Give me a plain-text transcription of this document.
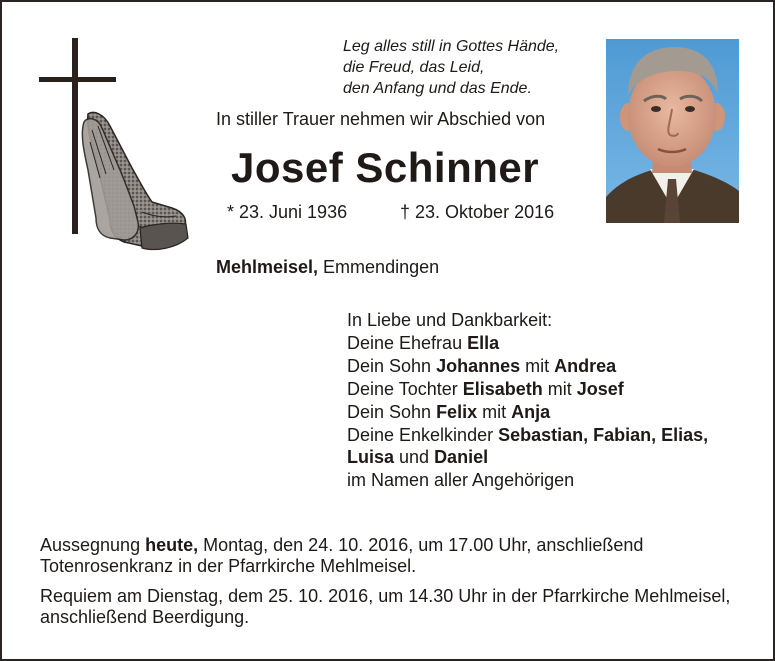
Leg alles still in Gottes Hände,
die Freud, das Leid,
den Anfang und das Ende.
In stiller Trauer nehmen wir Abschied von
Josef Schinner
* 23. Juni 1936	† 23. Oktober 2016
Mehlmeisel, Emmendingen
In Liebe und Dankbarkeit:
Deine Ehefrau Ella
Dein Sohn Johannes mit Andrea
Deine Tochter Elisabeth mit Josef
Dein Sohn Felix mit Anja
Deine Enkelkinder Sebastian, Fabian, Elias,
Luisa und Daniel
im Namen aller Angehörigen
Aussegnung heute, Montag, den 24. 10. 2016, um 17.00 Uhr, anschließend Totenrosenkranz in der Pfarrkirche Mehlmeisel.
Requiem am Dienstag, dem 25. 10. 2016, um 14.30 Uhr in der Pfarrkirche Mehlmeisel, anschließend Beerdigung.
